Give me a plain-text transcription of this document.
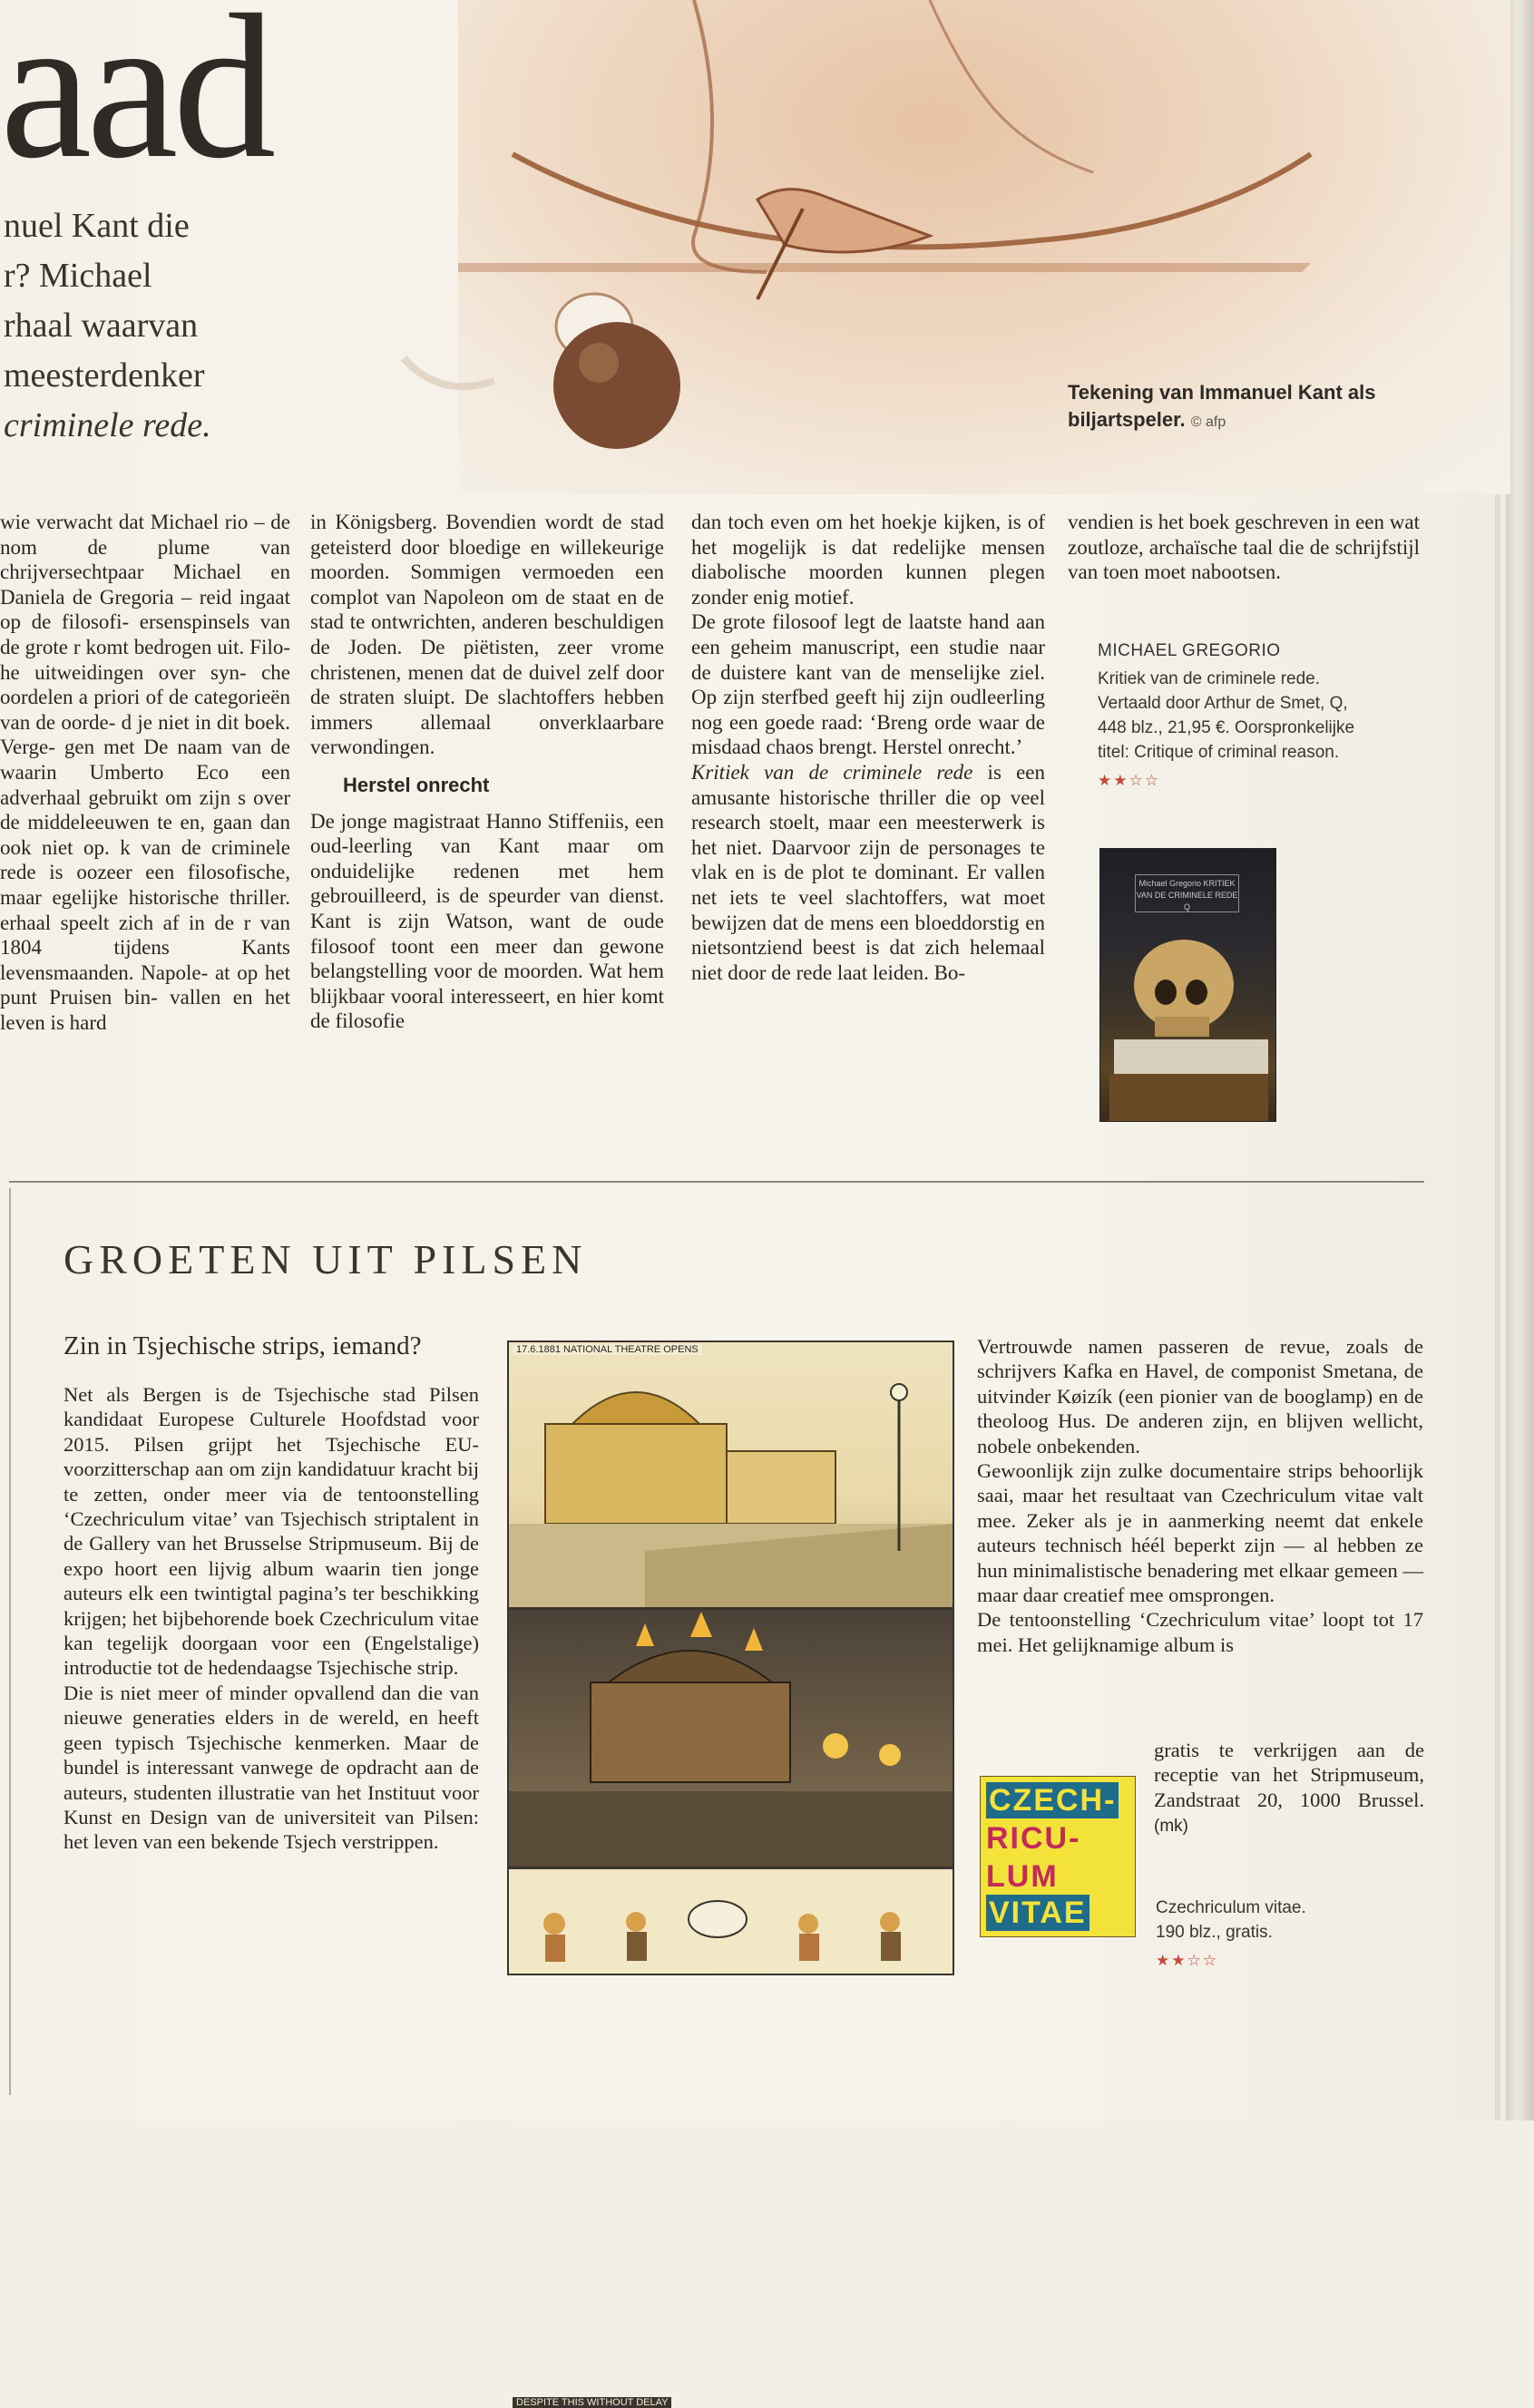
aad

nuel Kant die

r? Michael

rhaal waarvan

meesterdenker

criminele rede.

Tekening van Immanuel Kant als biljartspeler. © afp

wie verwacht dat Michael rio – de nom de plume van chrijversechtpaar Michael en Daniela de Gregoria – reid ingaat op de filosofi- ersenspinsels van de grote r komt bedrogen uit. Filo- he uitweidingen over syn- che oordelen a priori of de categorieën van de oorde- d je niet in dit boek. Verge- gen met De naam van de waarin Umberto Eco een adverhaal gebruikt om zijn s over de middeleeuwen te en, gaan dan ook niet op. k van de criminele rede is oozeer een filosofische, maar egelijke historische thriller. erhaal speelt zich af in de r van 1804 tijdens Kants levensmaanden. Napole- at op het punt Pruisen bin- vallen en het leven is hard

in Königsberg. Bovendien wordt de stad geteisterd door bloedige en willekeurige moorden. Sommigen vermoeden een complot van Napoleon om de staat en de stad te ontwrichten, anderen beschuldigen de Joden. De piëtisten, zeer vrome christenen, menen dat de duivel zelf door de straten sluipt. De slachtoffers hebben immers allemaal onverklaarbare verwondingen.

Herstel onrecht

De jonge magistraat Hanno Stiffeniis, een oud-leerling van Kant maar om onduidelijke redenen met hem gebrouilleerd, is de speurder van dienst. Kant is zijn Watson, want de oude filosoof toont een meer dan gewone belangstelling voor de moorden. Wat hem blijkbaar vooral interesseert, en hier komt de filosofie

dan toch even om het hoekje kijken, is of het mogelijk is dat redelijke mensen diabolische moorden kunnen plegen zonder enig motief.

De grote filosoof legt de laatste hand aan een geheim manuscript, een studie naar de duistere kant van de menselijke ziel. Op zijn sterfbed geeft hij zijn oudleerling nog een goede raad: ‘Breng orde waar de misdaad chaos brengt. Herstel onrecht.’

Kritiek van de criminele rede is een amusante historische thriller die op veel research stoelt, maar een meesterwerk is het niet. Daarvoor zijn de personages te vlak en is de plot te dominant. Er vallen net iets te veel slachtoffers, wat moet bewijzen dat de mens een bloeddorstig en nietsontziend beest is dat zich helemaal niet door de rede laat leiden. Bo-

vendien is het boek geschreven in een wat zoutloze, archaïsche taal die de schrijfstijl van toen moet nabootsen.

MICHAEL GREGORIO
Kritiek van de criminele rede.
Vertaald door Arthur de Smet, Q,
448 blz., 21,95 €. Oorspronkelijke
titel: Critique of criminal reason.
★★☆☆
Michael Gregorio KRITIEK VAN DE CRIMINELE REDE
Q
GROETEN UIT PILSEN
Zin in Tsjechische strips, iemand?

Net als Bergen is de Tsjechische stad Pilsen kandidaat Europese Culturele Hoofdstad voor 2015. Pilsen grijpt het Tsjechische EU-voorzitterschap aan om zijn kandidatuur kracht bij te zetten, onder meer via de tentoonstelling ‘Czechriculum vitae’ van Tsjechisch striptalent in de Gallery van het Brusselse Stripmuseum. Bij de expo hoort een lijvig album waarin tien jonge auteurs elk een twintigtal pagina’s ter beschikking krijgen; het bijbehorende boek Czechriculum vitae kan tegelijk doorgaan voor een (Engelstalige) introductie tot de hedendaagse Tsjechische strip.

Die is niet meer of minder opvallend dan die van nieuwe generaties elders in de wereld, en heeft geen typisch Tsjechische kenmerken. Maar de bundel is interessant vanwege de opdracht aan de auteurs, studenten illustratie van het Instituut voor Kunst en Design van de universiteit van Pilsen: het leven van een bekende Tsjech verstrippen.

17.6.1881 NATIONAL THEATRE OPENS
DESPITE THIS WITHOUT DELAY

Vertrouwde namen passeren de revue, zoals de schrijvers Kafka en Havel, de componist Smetana, de uitvinder Køizík (een pionier van de booglamp) en de theoloog Hus. De anderen zijn, en blijven wellicht, nobele onbekenden.

Gewoonlijk zijn zulke documentaire strips behoorlijk saai, maar het resultaat van Czechriculum vitae valt mee. Zeker als je in aanmerking neemt dat enkele auteurs technisch héél beperkt zijn — al hebben ze hun minimalistische benadering met elkaar gemeen — maar daar creatief mee omsprongen.

De tentoonstelling ‘Czechriculum vitae’ loopt tot 17 mei. Het gelijknamige album is

gratis te verkrijgen aan de receptie van het Stripmuseum, Zandstraat 20, 1000 Brussel. (mk)

CZECH-
RICU-
LUM
VITAE	Czechriculum vitae.
190 blz., gratis.
★★☆☆
